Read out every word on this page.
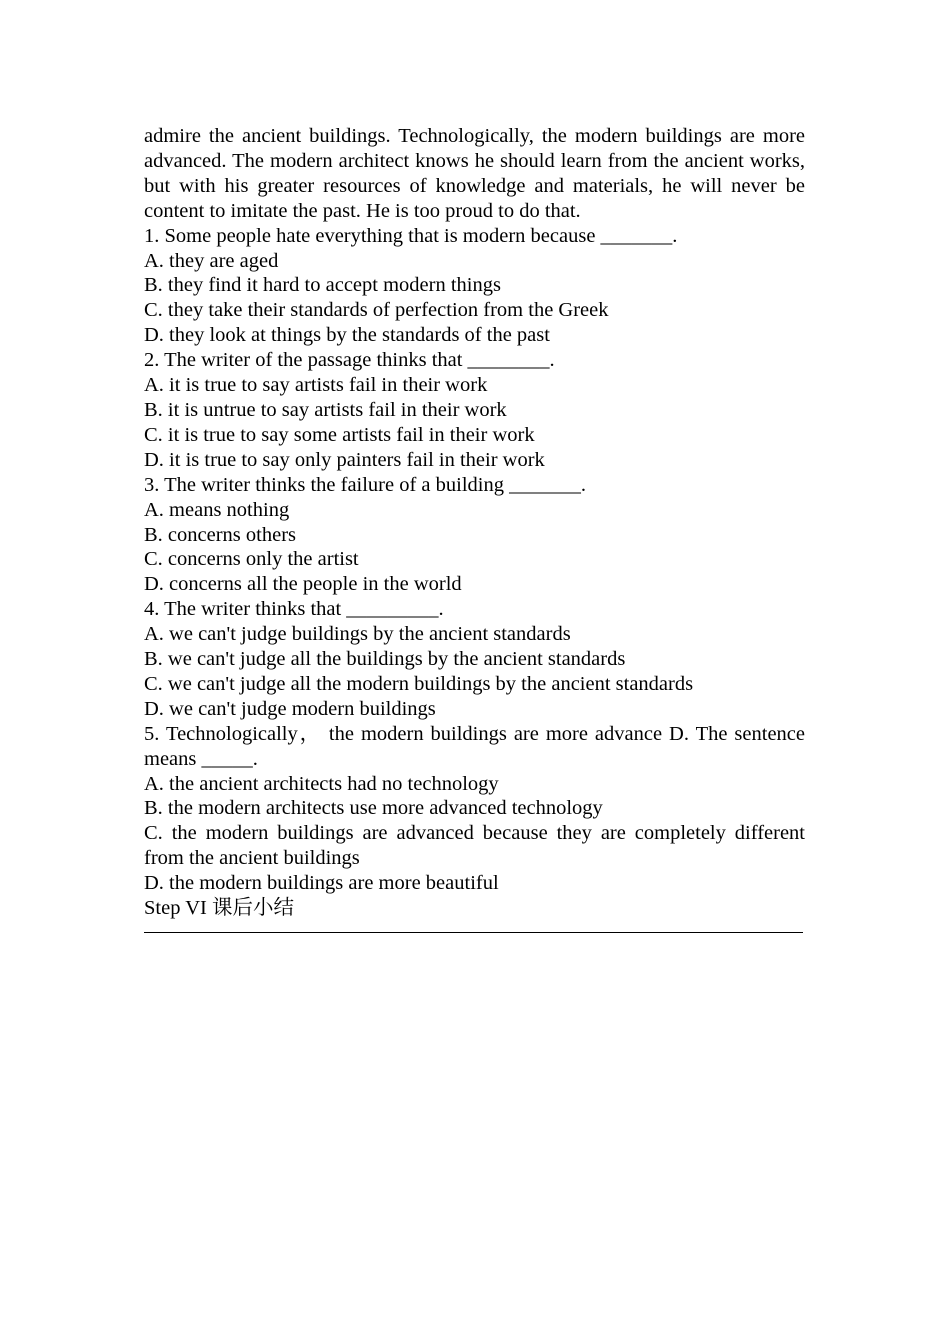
admire the ancient buildings. Technologically, the modern buildings are more advanced. The modern architect knows he should learn from the ancient works, but with his greater resources of knowledge and materials, he will never be content to imitate the past. He is too proud to do that.

1. Some people hate everything that is modern because _______.

A. they are aged

B. they find it hard to accept modern things

C. they take their standards of perfection from the Greek

D. they look at things by the standards of the past

2. The writer of the passage thinks that ________.

A. it is true to say artists fail in their work

B. it is untrue to say artists fail in their work

C. it is true to say some artists fail in their work

D. it is true to say only painters fail in their work

3. The writer thinks the failure of a building _______.

A. means nothing

B. concerns others

C. concerns only the artist

D. concerns all the people in the world

4. The writer thinks that _________.

A. we can't judge buildings by the ancient standards

B. we can't judge all the buildings by the ancient standards

C. we can't judge all the modern buildings by the ancient standards

D. we can't judge modern buildings

5. Technologically， the modern buildings are more advance D. The sentence means _____.

A. the ancient architects had no technology

B. the modern architects use more advanced technology

C. the modern buildings are advanced because they are completely different from the ancient buildings

D. the modern buildings are more beautiful

Step VI 课后小结
